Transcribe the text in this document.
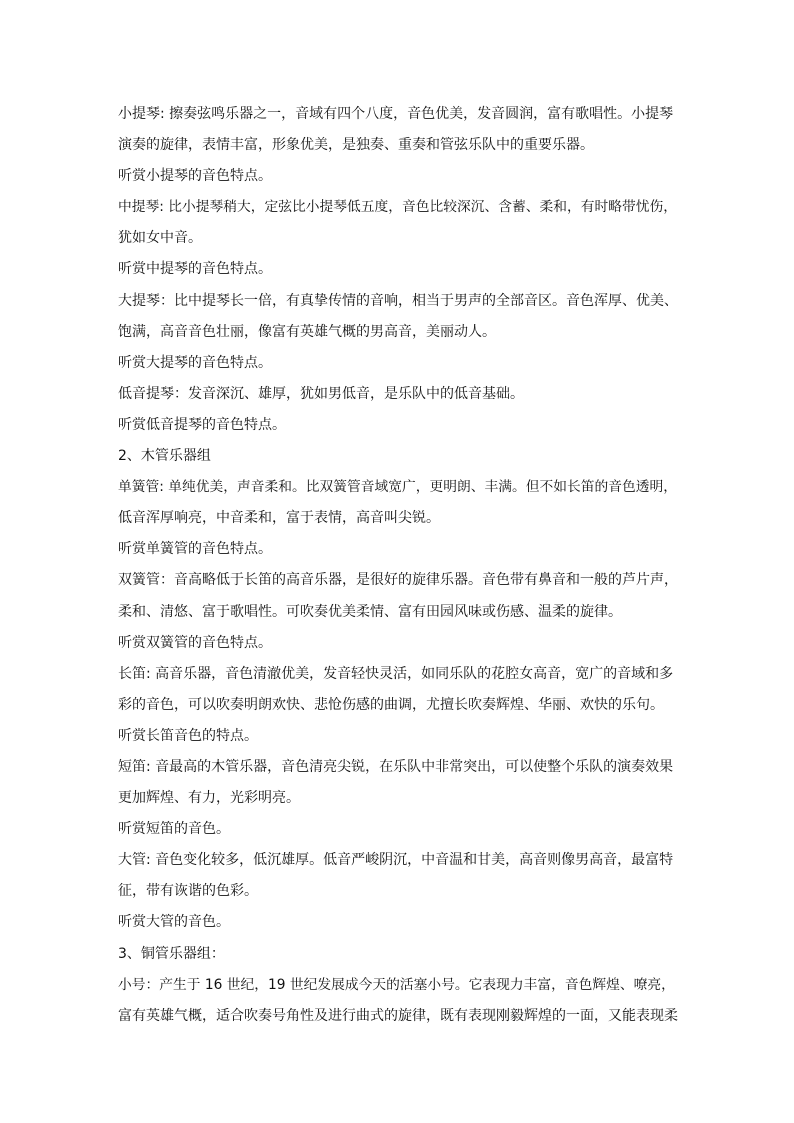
小提琴: 擦奏弦鸣乐器之一，音域有四个八度，音色优美，发音圆润，富有歌唱性。小提琴
演奏的旋律，表情丰富，形象优美，是独奏、重奏和管弦乐队中的重要乐器。
听赏小提琴的音色特点。
中提琴: 比小提琴稍大，定弦比小提琴低五度，音色比较深沉、含蓄、柔和，有时略带忧伤，
犹如女中音。
听赏中提琴的音色特点。
大提琴：比中提琴长一倍，有真挚传情的音响，相当于男声的全部音区。音色浑厚、优美、
饱满，高音音色壮丽，像富有英雄气概的男高音，美丽动人。
听赏大提琴的音色特点。
低音提琴：发音深沉、雄厚，犹如男低音，是乐队中的低音基础。
听赏低音提琴的音色特点。
2、木管乐器组
单簧管: 单纯优美，声音柔和。比双簧管音域宽广，更明朗、丰满。但不如长笛的音色透明，
低音浑厚响亮，中音柔和，富于表情，高音叫尖锐。
听赏单簧管的音色特点。
双簧管：音高略低于长笛的高音乐器，是很好的旋律乐器。音色带有鼻音和一般的芦片声，
柔和、清悠、富于歌唱性。可吹奏优美柔情、富有田园风味或伤感、温柔的旋律。
听赏双簧管的音色特点。
长笛: 高音乐器，音色清澈优美，发音轻快灵活，如同乐队的花腔女高音，宽广的音域和多
彩的音色，可以吹奏明朗欢快、悲怆伤感的曲调，尤擅长吹奏辉煌、华丽、欢快的乐句。
听赏长笛音色的特点。
短笛: 音最高的木管乐器，音色清亮尖锐，在乐队中非常突出，可以使整个乐队的演奏效果
更加辉煌、有力，光彩明亮。
听赏短笛的音色。
大管: 音色变化较多，低沉雄厚。低音严峻阴沉，中音温和甘美，高音则像男高音，最富特
征，带有诙谐的色彩。
听赏大管的音色。
3、铜管乐器组：
小号：产生于 16 世纪，19 世纪发展成今天的活塞小号。它表现力丰富，音色辉煌、嘹亮，
富有英雄气概，适合吹奏号角性及进行曲式的旋律，既有表现刚毅辉煌的一面，又能表现柔
